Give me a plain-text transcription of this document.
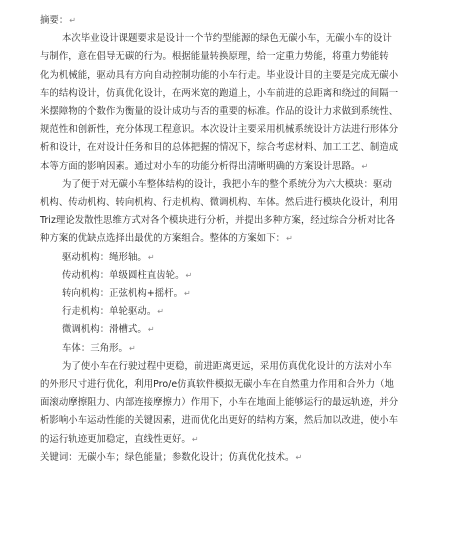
摘要：↵
本次毕业设计课题要求是设计一个节约型能源的绿色无碳小车，无碳小车的设计
与制作，意在倡导无碳的行为。根据能量转换原理，给一定重力势能，将重力势能转
化为机械能，驱动具有方向自动控制功能的小车行走。毕业设计目的主要是完成无碳小
车的结构设计，仿真优化设计，在两米宽的跑道上，小车前进的总距离和绕过的间隔一
米摆障物的个数作为衡量的设计成功与否的重要的标准。作品的设计力求做到系统性、
规范性和创新性，充分体现工程意识。本次设计主要采用机械系统设计方法进行形体分
析和设计，在对设计任务和目的总体把握的情况下，综合考虑材料、加工工艺、制造成
本等方面的影响因素。通过对小车的功能分析得出清晰明确的方案设计思路。↵
为了便于对无碳小车整体结构的设计，我把小车的整个系统分为六大模块：驱动
机构、传动机构、转向机构、行走机构、微调机构、车体。然后进行模块化设计，利用
Triz理论发散性思维方式对各个模块进行分析，并提出多种方案，经过综合分析对比各
种方案的优缺点选择出最优的方案组合。整体的方案如下：↵
驱动机构：绳形轴。↵
传动机构：单级圆柱直齿轮。↵
转向机构：正弦机构+摇杆。↵
行走机构：单轮驱动。↵
微调机构：滑槽式。↵
车体：三角形。↵
为了使小车在行驶过程中更稳，前进距离更远，采用仿真优化设计的方法对小车
的外形尺寸进行优化，利用Pro/e仿真软件模拟无碳小车在自然重力作用和合外力（地
面滚动摩擦阻力、内部连接摩擦力）作用下，小车在地面上能够运行的最远轨迹，并分
析影响小车运动性能的关键因素，进而优化出更好的结构方案，然后加以改进，使小车
的运行轨迹更加稳定，直线性更好。↵
关键词：无碳小车；绿色能量；参数化设计；仿真优化技术。↵
